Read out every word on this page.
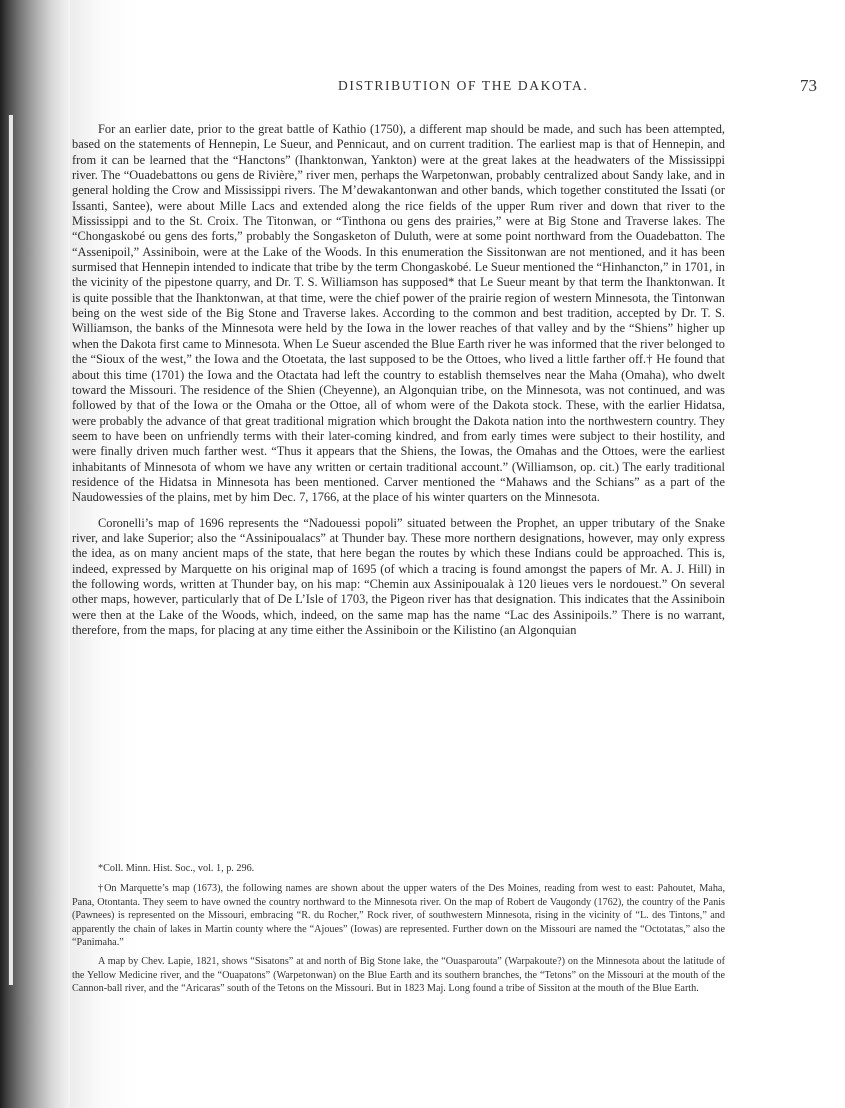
DISTRIBUTION OF THE DAKOTA.	73

For an earlier date, prior to the great battle of Kathio (1750), a different map should be made, and such has been attempted, based on the statements of Hennepin, Le Sueur, and Pennicaut, and on current tradition. The earliest map is that of Hennepin, and from it can be learned that the “Hanctons” (Ihanktonwan, Yankton) were at the great lakes at the headwaters of the Mississippi river. The “Ouadebattons ou gens de Rivière,” river men, perhaps the Warpetonwan, probably centralized about Sandy lake, and in general holding the Crow and Mississippi rivers. The M’dewakantonwan and other bands, which together constituted the Issati (or Issanti, Santee), were about Mille Lacs and extended along the rice fields of the upper Rum river and down that river to the Mississippi and to the St. Croix. The Titonwan, or “Tinthona ou gens des prairies,” were at Big Stone and Traverse lakes. The “Chongaskobé ou gens des forts,” probably the Songasketon of Duluth, were at some point northward from the Ouadebatton. The “Assenipoil,” Assiniboin, were at the Lake of the Woods. In this enumeration the Sissitonwan are not mentioned, and it has been surmised that Hennepin intended to indicate that tribe by the term Chongaskobé. Le Sueur mentioned the “Hinhancton,” in 1701, in the vicinity of the pipestone quarry, and Dr. T. S. Williamson has supposed* that Le Sueur meant by that term the Ihanktonwan. It is quite possible that the Ihanktonwan, at that time, were the chief power of the prairie region of western Minnesota, the Tintonwan being on the west side of the Big Stone and Traverse lakes. According to the common and best tradition, accepted by Dr. T. S. Williamson, the banks of the Minnesota were held by the Iowa in the lower reaches of that valley and by the “Shiens” higher up when the Dakota first came to Minnesota. When Le Sueur ascended the Blue Earth river he was informed that the river belonged to the “Sioux of the west,” the Iowa and the Otoetata, the last supposed to be the Ottoes, who lived a little farther off.† He found that about this time (1701) the Iowa and the Otactata had left the country to establish themselves near the Maha (Omaha), who dwelt toward the Missouri. The residence of the Shien (Cheyenne), an Algonquian tribe, on the Minnesota, was not continued, and was followed by that of the Iowa or the Omaha or the Ottoe, all of whom were of the Dakota stock. These, with the earlier Hidatsa, were probably the advance of that great traditional migration which brought the Dakota nation into the northwestern country. They seem to have been on unfriendly terms with their later-coming kindred, and from early times were subject to their hostility, and were finally driven much farther west. “Thus it appears that the Shiens, the Iowas, the Omahas and the Ottoes, were the earliest inhabitants of Minnesota of whom we have any written or certain traditional account.” (Williamson, op. cit.) The early traditional residence of the Hidatsa in Minnesota has been mentioned. Carver mentioned the “Mahaws and the Schians” as a part of the Naudowessies of the plains, met by him Dec. 7, 1766, at the place of his winter quarters on the Minnesota.

Coronelli’s map of 1696 represents the “Nadouessi popoli” situated between the Prophet, an upper tributary of the Snake river, and lake Superior; also the “Assinipoualacs” at Thunder bay. These more northern designations, however, may only express the idea, as on many ancient maps of the state, that here began the routes by which these Indians could be approached. This is, indeed, expressed by Marquette on his original map of 1695 (of which a tracing is found amongst the papers of Mr. A. J. Hill) in the following words, written at Thunder bay, on his map: “Chemin aux Assinipoualak à 120 lieues vers le nordouest.” On several other maps, however, particularly that of De L’Isle of 1703, the Pigeon river has that designation. This indicates that the Assiniboin were then at the Lake of the Woods, which, indeed, on the same map has the name “Lac des Assinipoils.” There is no warrant, therefore, from the maps, for placing at any time either the Assiniboin or the Kilistino (an Algonquian

*Coll. Minn. Hist. Soc., vol. 1, p. 296.

†On Marquette’s map (1673), the following names are shown about the upper waters of the Des Moines, reading from west to east: Pahoutet, Maha, Pana, Otontanta. They seem to have owned the country northward to the Minnesota river. On the map of Robert de Vaugondy (1762), the country of the Panis (Pawnees) is represented on the Missouri, embracing “R. du Rocher,” Rock river, of southwestern Minnesota, rising in the vicinity of “L. des Tintons,” and apparently the chain of lakes in Martin county where the “Ajoues” (Iowas) are represented. Further down on the Missouri are named the “Octotatas,” also the “Panimaha.”

A map by Chev. Lapie, 1821, shows “Sisatons” at and north of Big Stone lake, the “Ouasparouta” (Warpakoute?) on the Minnesota about the latitude of the Yellow Medicine river, and the “Ouapatons” (Warpetonwan) on the Blue Earth and its southern branches, the “Tetons” on the Missouri at the mouth of the Cannon-ball river, and the “Aricaras” south of the Tetons on the Missouri. But in 1823 Maj. Long found a tribe of Sissiton at the mouth of the Blue Earth.
